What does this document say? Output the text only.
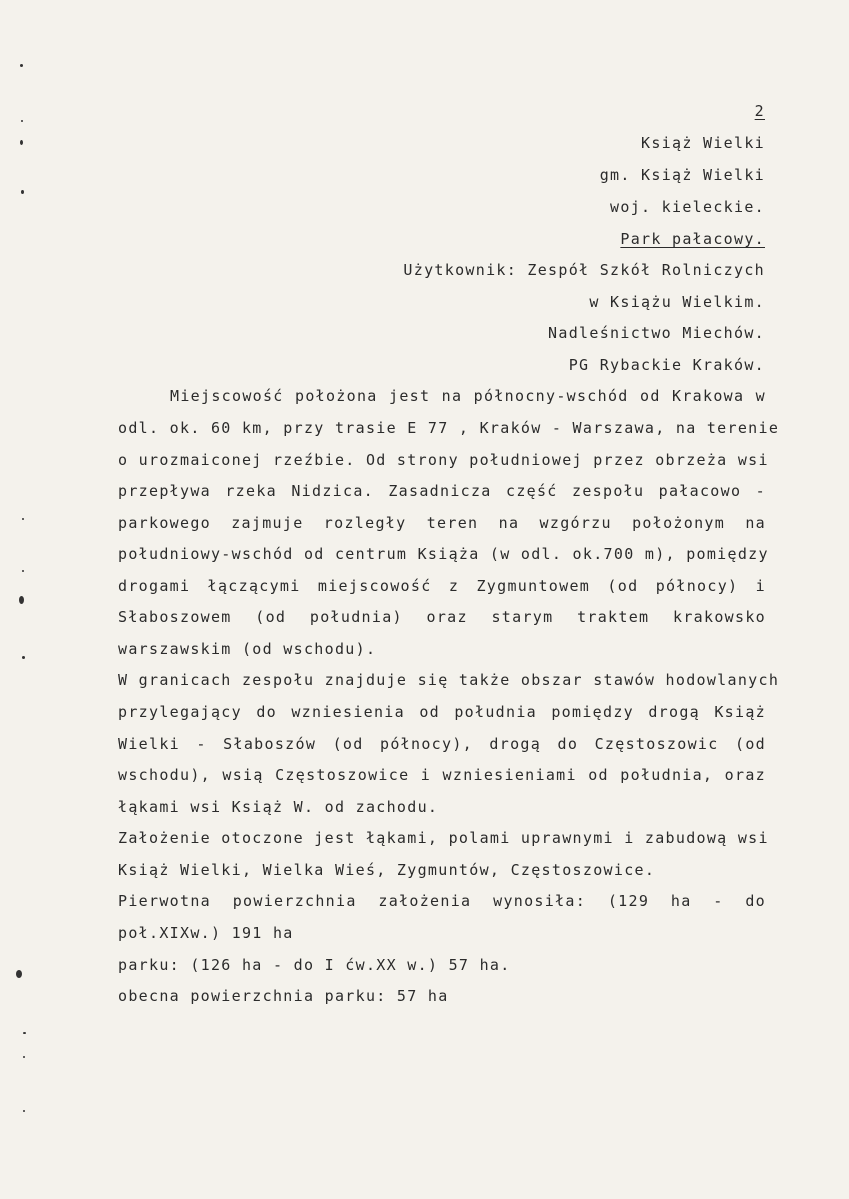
2
Książ Wielki
gm. Książ Wielki
woj. kieleckie.
Park pałacowy.
Użytkownik: Zespół Szkół Rolniczych
w Książu Wielkim.
Nadleśnictwo Miechów.
PG Rybackie Kraków.
Miejscowość położona jest na północny-wschód od Krakowa w
odl. ok. 60 km, przy trasie E 77 , Kraków - Warszawa, na terenie
o urozmaiconej rzeźbie. Od strony południowej przez obrzeża wsi
przepływa rzeka Nidzica. Zasadnicza część zespołu pałacowo -
parkowego zajmuje rozległy teren na wzgórzu położonym na
południowy-wschód od centrum Książa (w odl. ok.700 m), pomiędzy
drogami łączącymi miejscowość z Zygmuntowem (od północy) i
Słaboszowem (od południa) oraz starym traktem krakowsko
warszawskim (od wschodu).
W granicach zespołu znajduje się także obszar stawów hodowlanych
przylegający do wzniesienia od południa pomiędzy drogą Książ
Wielki - Słaboszów (od północy), drogą do Częstoszowic (od
wschodu), wsią Częstoszowice i wzniesieniami od południa, oraz
łąkami wsi Książ W. od zachodu.
Założenie otoczone jest łąkami, polami uprawnymi i zabudową wsi
Książ Wielki, Wielka Wieś, Zygmuntów, Częstoszowice.
Pierwotna powierzchnia założenia wynosiła: (129 ha - do
poł.XIXw.) 191 ha
parku: (126 ha - do I ćw.XX w.) 57 ha.
obecna powierzchnia parku: 57 ha
